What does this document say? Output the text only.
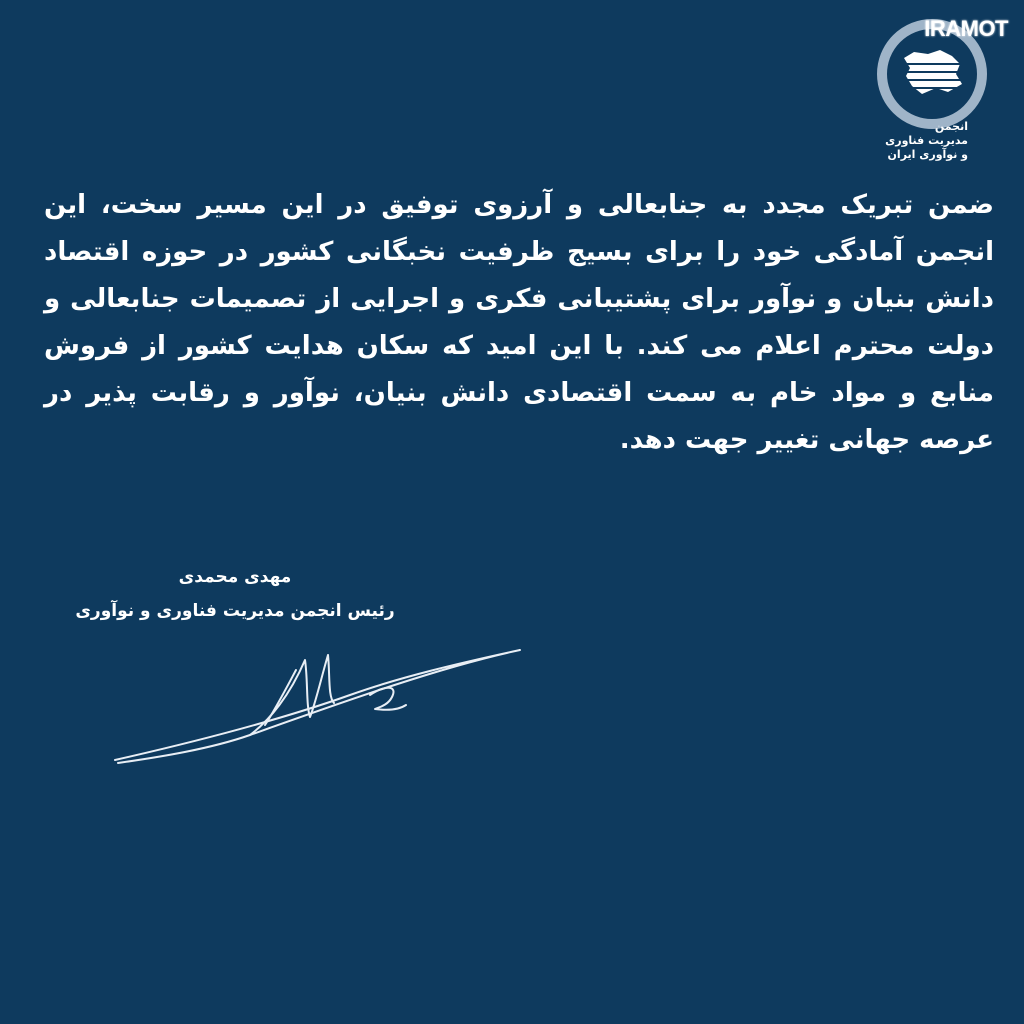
IRAMOT
انجمن
مدیریت فناوری
و نوآوری ایران

ضمن تبریک مجدد به جنابعالی و آرزوی توفیق در این مسیر سخت، این انجمن آمادگی خود را برای بسیج ظرفیت نخبگانی کشور در حوزه اقتصاد دانش بنیان و نوآور برای پشتیبانی فکری و اجرایی از تصمیمات جنابعالی و دولت محترم اعلام می کند. با این امید که سکان هدایت کشور از فروش منابع و مواد خام به سمت اقتصادی دانش بنیان، نوآور و رقابت پذیر در عرصه جهانی تغییر جهت دهد.

مهدی محمدی
رئیس انجمن مدیریت فناوری و نوآوری
